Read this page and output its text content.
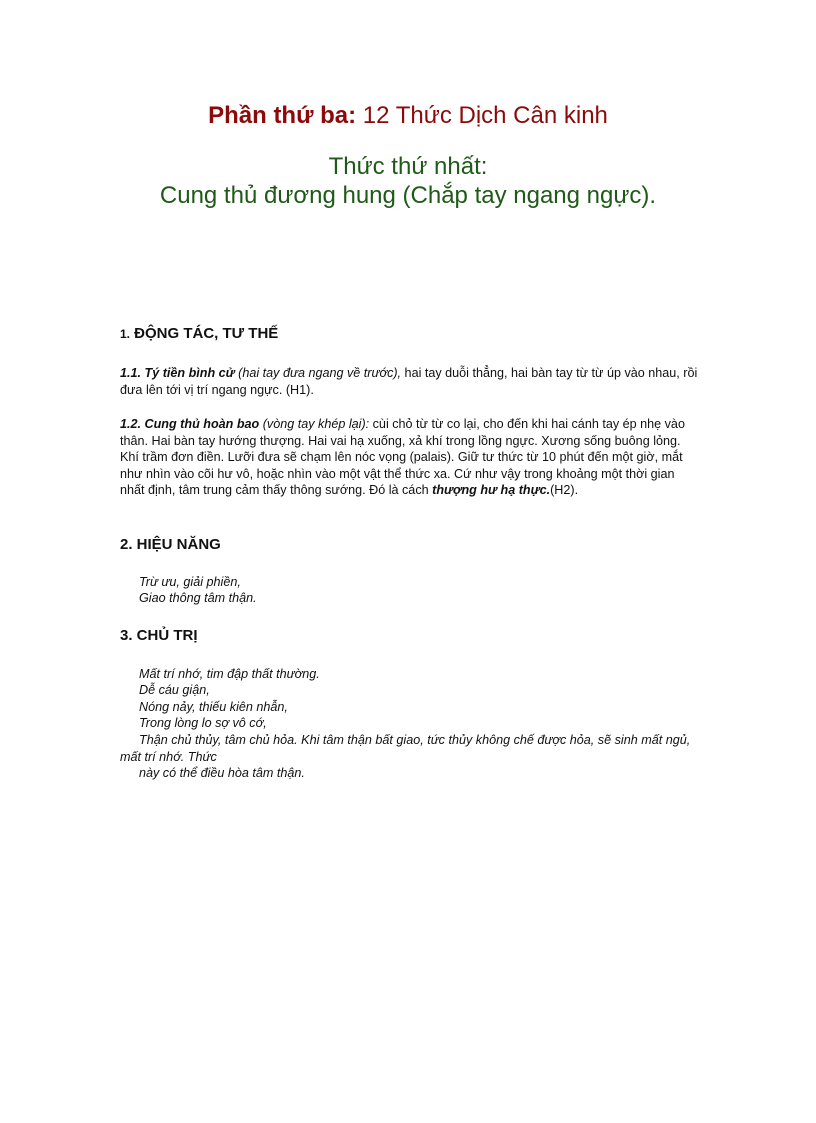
Phần thứ ba: 12 Thức Dịch Cân kinh
Thức thứ nhất:
Cung thủ đương hung (Chắp tay ngang ngực).
1. ĐỘNG TÁC, TƯ THẾ
1.1. Tý tiền bình cử (hai tay đưa ngang về trước), hai tay duỗi thẳng, hai bàn tay từ từ úp vào nhau, rồi đưa lên tới vị trí ngang ngực. (H1).
1.2. Cung thủ hoàn bao (vòng tay khép lại): cùi chỏ từ từ co lại, cho đến khi hai cánh tay ép nhẹ vào thân. Hai bàn tay hướng thượng. Hai vai hạ xuống, xả khí trong lồng ngực. Xương sống buông lỏng. Khí trầm đơn điền. Lưỡi đưa sẽ chạm lên nóc vọng (palais). Giữ tư thức từ 10 phút đến một giờ, mắt như nhìn vào cõi hư vô, hoặc nhìn vào một vật thể thức xa. Cứ như vậy trong khoảng một thời gian nhất định, tâm trung cảm thấy thông sướng. Đó là cách thượng hư hạ thực.(H2).
2. HIỆU NĂNG
Trừ ưu, giải phiền,
Giao thông tâm thận.
3. CHỦ TRỊ
Mất trí nhớ, tim đập thất thường.
Dễ cáu giận,
Nóng nảy, thiếu kiên nhẫn,
Trong lòng lo sợ vô cớ,
Thận chủ thủy, tâm chủ hỏa. Khi tâm thận bất giao, tức thủy không chế được hỏa, sẽ sinh mất ngủ, mất trí nhớ. Thức
này có thể điều hòa tâm thận.
